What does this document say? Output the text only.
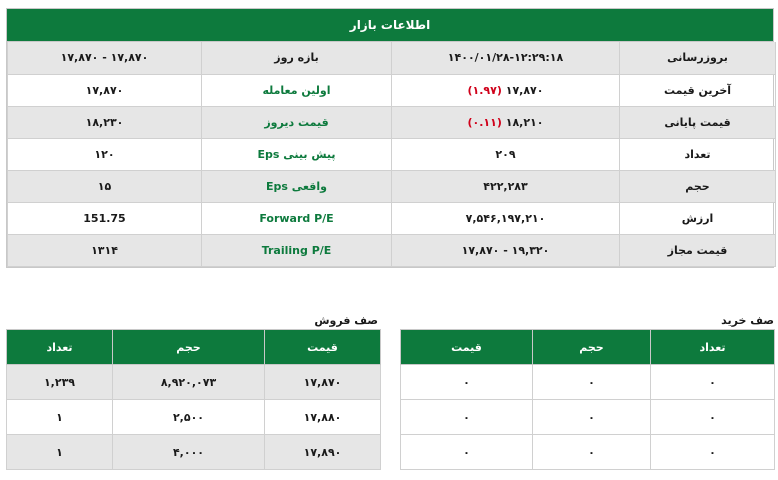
اطلاعات بازار
۱۷,۸۷۰ - ۱۷,۸۷۰	بازه روز	۱۴۰۰/۰۱/۲۸-۱۲:۲۹:۱۸	بروزرسانی
۱۷,۸۷۰	اولین معامله	۱۷,۸۷۰ (۱.۹۷)	آخرین قیمت
۱۸,۲۳۰	قیمت دیروز	۱۸,۲۱۰ (۰.۱۱)	قیمت پایانی
۱۲۰	Eps پیش بینی	۲۰۹	تعداد
۱۵	Eps واقعی	۴۲۲,۲۸۳	حجم
151.75	Forward P/E	۷,۵۴۶,۱۹۷,۲۱۰	ارزش
۱۳۱۴	Trailing P/E	۱۹,۳۲۰ - ۱۷,۸۷۰	قیمت مجاز
صف فروش
تعداد	حجم	قیمت
۱,۲۳۹	۸,۹۲۰,۰۷۳	۱۷,۸۷۰
۱	۲,۵۰۰	۱۷,۸۸۰
۱	۴,۰۰۰	۱۷,۸۹۰
صف خرید
قیمت	حجم	تعداد
۰	۰	۰
۰	۰	۰
۰	۰	۰
